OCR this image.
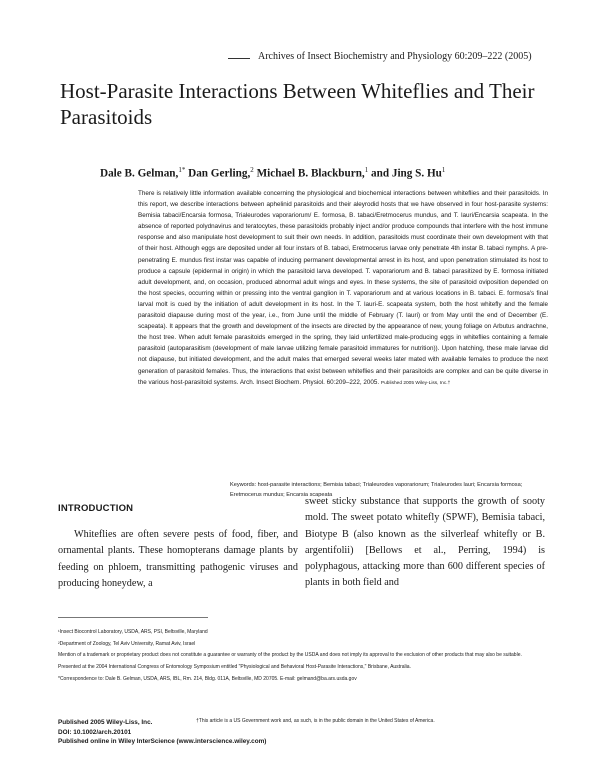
Archives of Insect Biochemistry and Physiology 60:209–222 (2005)
Host-Parasite Interactions Between Whiteflies and Their Parasitoids
Dale B. Gelman,$^{1*}$ Dan Gerling,$^2$ Michael B. Blackburn,$^1$ and Jing S. Hu$^1$

There is relatively little information available concerning the physiological and biochemical interactions between whiteflies and their parasitoids. In this report, we describe interactions between aphelinid parasitoids and their aleyrodid hosts that we have observed in four host-parasite systems: Bemisia tabaci/Encarsia formosa, Trialeurodes vaporariorum/ E. formosa, B. tabaci/Eretmocerus mundus, and T. lauri/Encarsia scapeata. In the absence of reported polydnavirus and teratocytes, these parasitoids probably inject and/or produce compounds that interfere with the host immune response and also manipulate host development to suit their own needs. In addition, parasitoids must coordinate their own development with that of their host. Although eggs are deposited under all four instars of B. tabaci, Eretmocerus larvae only penetrate 4th instar B. tabaci nymphs. A pre-penetrating E. mundus first instar was capable of inducing permanent developmental arrest in its host, and upon penetration stimulated its host to produce a capsule (epidermal in origin) in which the parasitoid larva developed. T. vaporariorum and B. tabaci parasitized by E. formosa initiated adult development, and, on occasion, produced abnormal adult wings and eyes. In these systems, the site of parasitoid oviposition depended on the host species, occurring within or pressing into the ventral ganglion in T. vaporariorum and at various locations in B. tabaci. E. formosa's final larval molt is cued by the initiation of adult development in its host. In the T. lauri-E. scapeata system, both the host whitefly and the female parasitoid diapause during most of the year, i.e., from June until the middle of February (T. lauri) or from May until the end of December (E. scapeata). It appears that the growth and development of the insects are directed by the appearance of new, young foliage on Arbutus andrachne, the host tree. When adult female parasitoids emerged in the spring, they laid unfertilized male-producing eggs in whiteflies containing a female parasitoid (autoparasitism (development of male larvae utilizing female parasitoid immatures for nutrition)). Upon hatching, these male larvae did not diapause, but initiated development, and the adult males that emerged several weeks later mated with available females to produce the next generation of parasitoid females. Thus, the interactions that exist between whiteflies and their parasitoids are complex and can be quite diverse in the various host-parasitoid systems. Arch. Insect Biochem. Physiol. 60:209–222, 2005. Published 2005 Wiley-Liss, Inc.†

Keywords: host-parasite interactions; Bemisia tabaci; Trialeurodes vaporariorum; Trialeurodes lauri; Encarsia formosa; Eretmocerus mundus; Encarsia scapeata
INTRODUCTION

Whiteflies are often severe pests of food, fiber, and ornamental plants. These homopterans damage plants by feeding on phloem, transmitting pathogenic viruses and producing honeydew, a

sweet sticky substance that supports the growth of sooty mold. The sweet potato whitefly (SPWF), Bemisia tabaci, Biotype B (also known as the silverleaf whitefly or B. argentifolii) [Bellows et al., Perring, 1994) is polyphagous, attacking more than 600 different species of plants in both field and

¹Insect Biocontrol Laboratory, USDA, ARS, PSI, Beltsville, Maryland

²Department of Zoology, Tel Aviv University, Ramat Aviv, Israel

Mention of a trademark or proprietary product does not constitute a guarantee or warranty of the product by the USDA and does not imply its approval to the exclusion of other products that may also be suitable.

Presented at the 2004 International Congress of Entomology Symposium entitled "Physiological and Behavioral Host-Parasite Interactions," Brisbane, Australia.

*Correspondence to: Dale B. Gelman, USDA, ARS, IBL, Rm. 214, Bldg. 011A, Beltsville, MD 20705. E-mail: gelmand@ba.ars.usda.gov

Published 2005 Wiley-Liss, Inc.
DOI: 10.1002/arch.20101
Published online in Wiley InterScience (www.interscience.wiley.com)
†This article is a US Government work and, as such, is in the public domain in the United States of America.
